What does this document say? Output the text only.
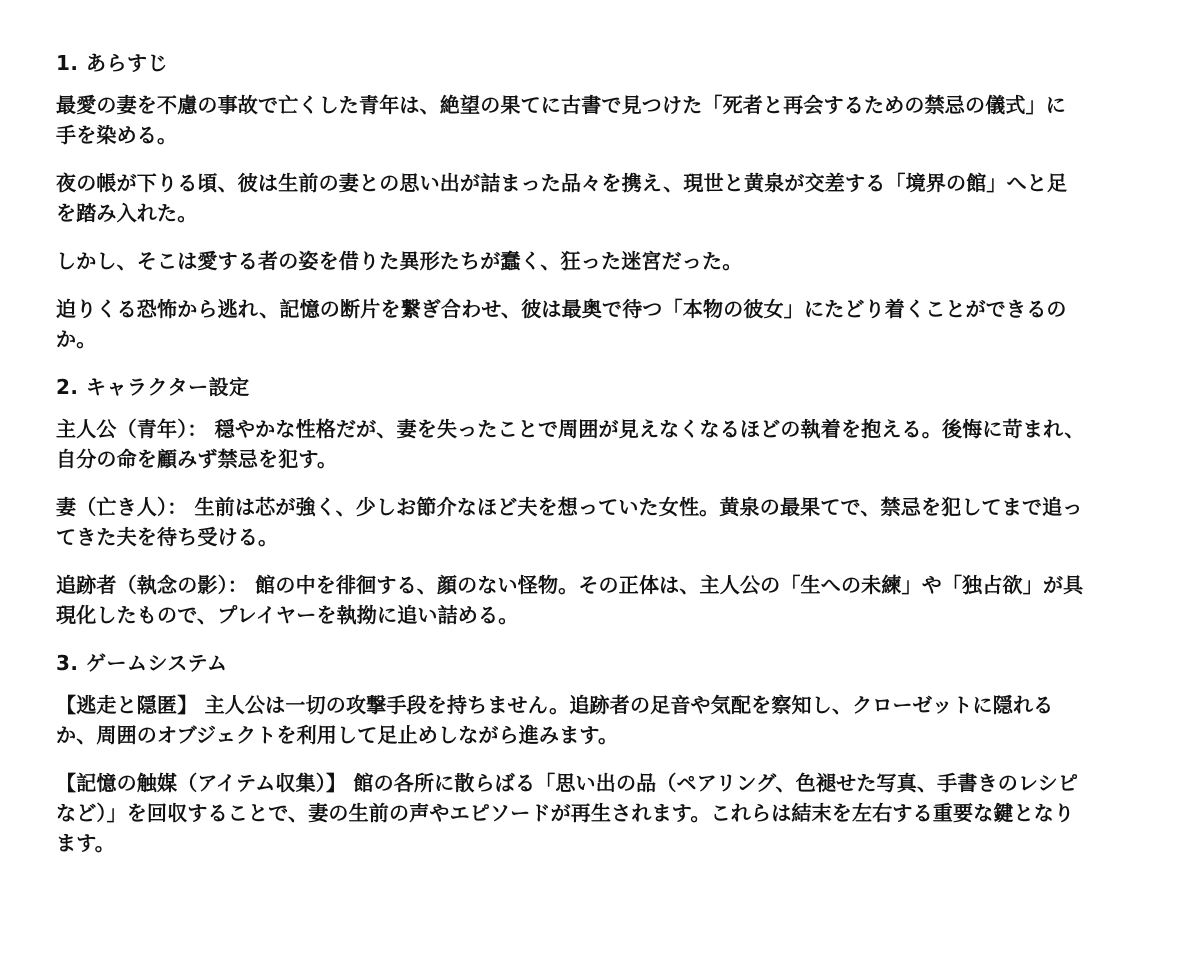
1. あらすじ
最愛の妻を不慮の事故で亡くした青年は、絶望の果てに古書で見つけた「死者と再会するための禁忌の儀式」に手を染める。
夜の帳が下りる頃、彼は生前の妻との思い出が詰まった品々を携え、現世と黄泉が交差する「境界の館」へと足を踏み入れた。
しかし、そこは愛する者の姿を借りた異形たちが蠢く、狂った迷宮だった。
迫りくる恐怖から逃れ、記憶の断片を繋ぎ合わせ、彼は最奥で待つ「本物の彼女」にたどり着くことができるのか。
2. キャラクター設定
主人公（青年）： 穏やかな性格だが、妻を失ったことで周囲が見えなくなるほどの執着を抱える。後悔に苛まれ、自分の命を顧みず禁忌を犯す。
妻（亡き人）： 生前は芯が強く、少しお節介なほど夫を想っていた女性。黄泉の最果てで、禁忌を犯してまで追ってきた夫を待ち受ける。
追跡者（執念の影）： 館の中を徘徊する、顔のない怪物。その正体は、主人公の「生への未練」や「独占欲」が具現化したもので、プレイヤーを執拗に追い詰める。
3. ゲームシステム
【逃走と隠匿】 主人公は一切の攻撃手段を持ちません。追跡者の足音や気配を察知し、クローゼットに隠れるか、周囲のオブジェクトを利用して足止めしながら進みます。
【記憶の触媒（アイテム収集）】 館の各所に散らばる「思い出の品（ペアリング、色褪せた写真、手書きのレシピなど）」を回収することで、妻の生前の声やエピソードが再生されます。これらは結末を左右する重要な鍵となります。
